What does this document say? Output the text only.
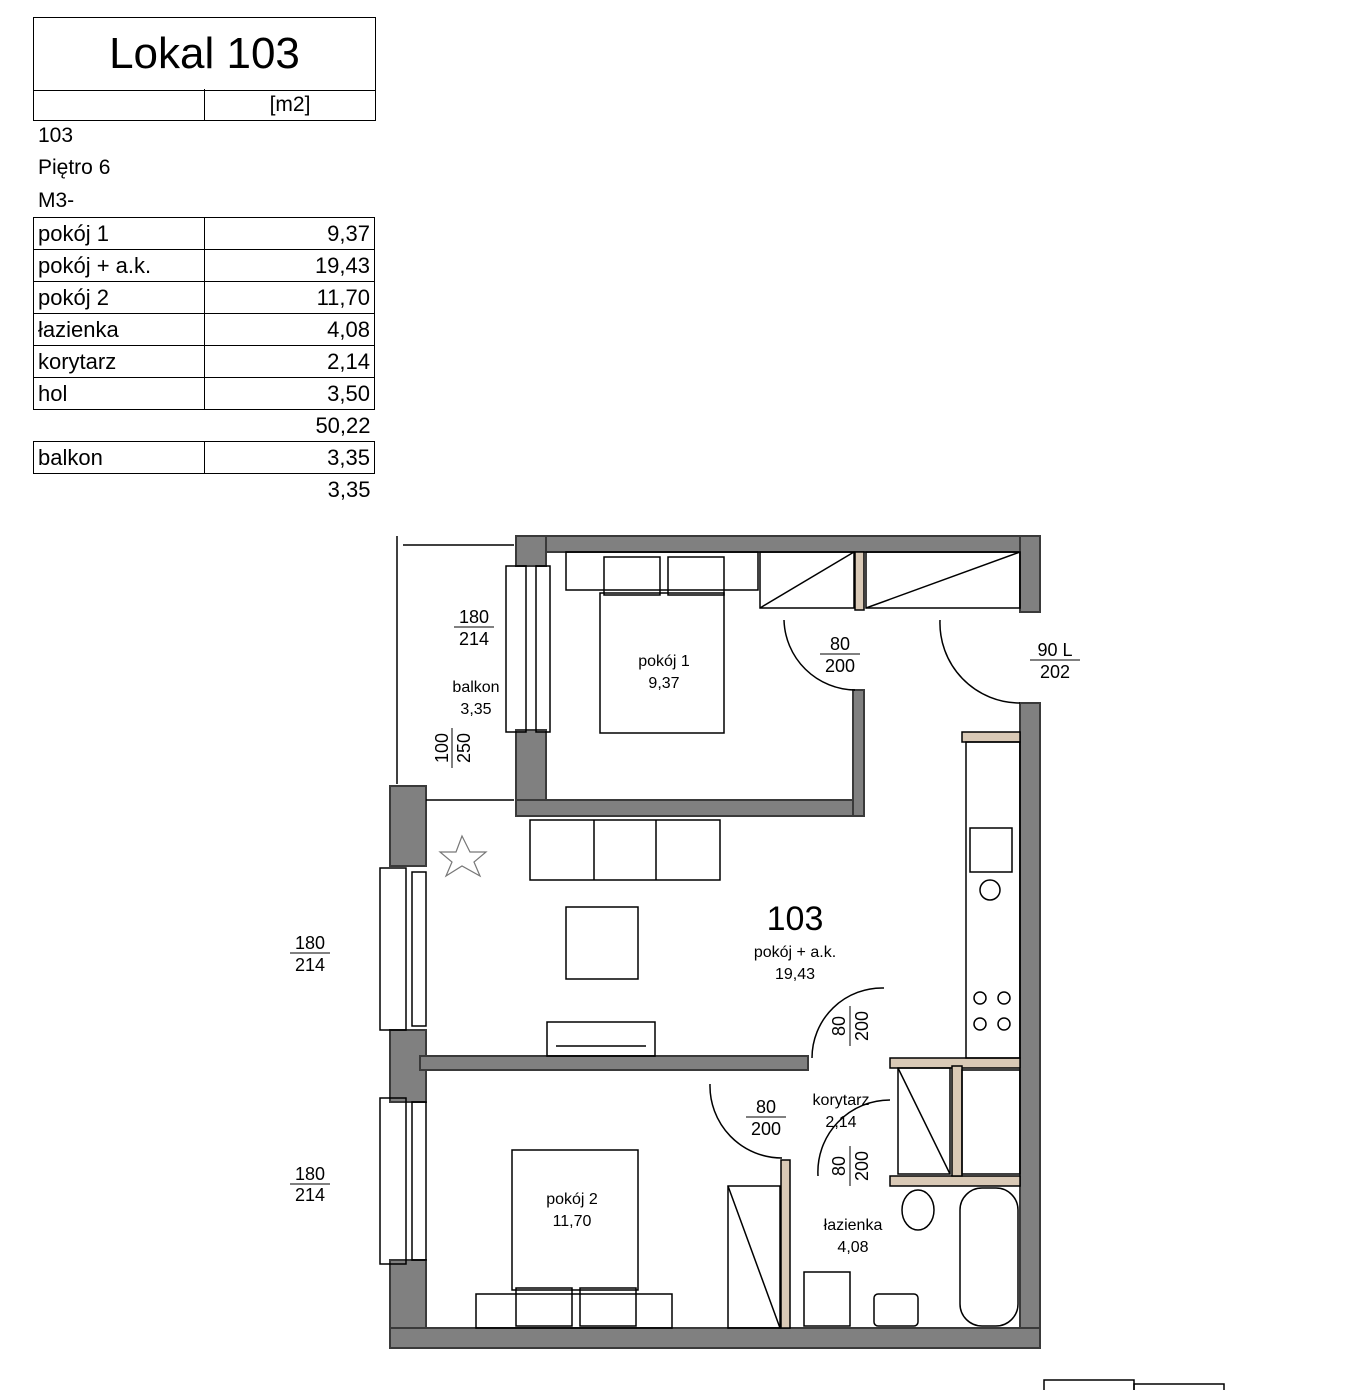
Lokal 103
[m2]
103
Piętro 6
M3-
pokój 1	9,37
pokój + a.k.	19,43
pokój 2	11,70
łazienka	4,08
korytarz	2,14
hol	3,50
	50,22
balkon	3,35
	3,35
pokój 1
9,37
balkon
3,35
103
pokój + a.k.
19,43
pokój 2
11,70
korytarz
2,14
łazienka
4,08
180
214
100 250
180
214
180
214
80
200
90 L
202
80 200
80
200
80 200
